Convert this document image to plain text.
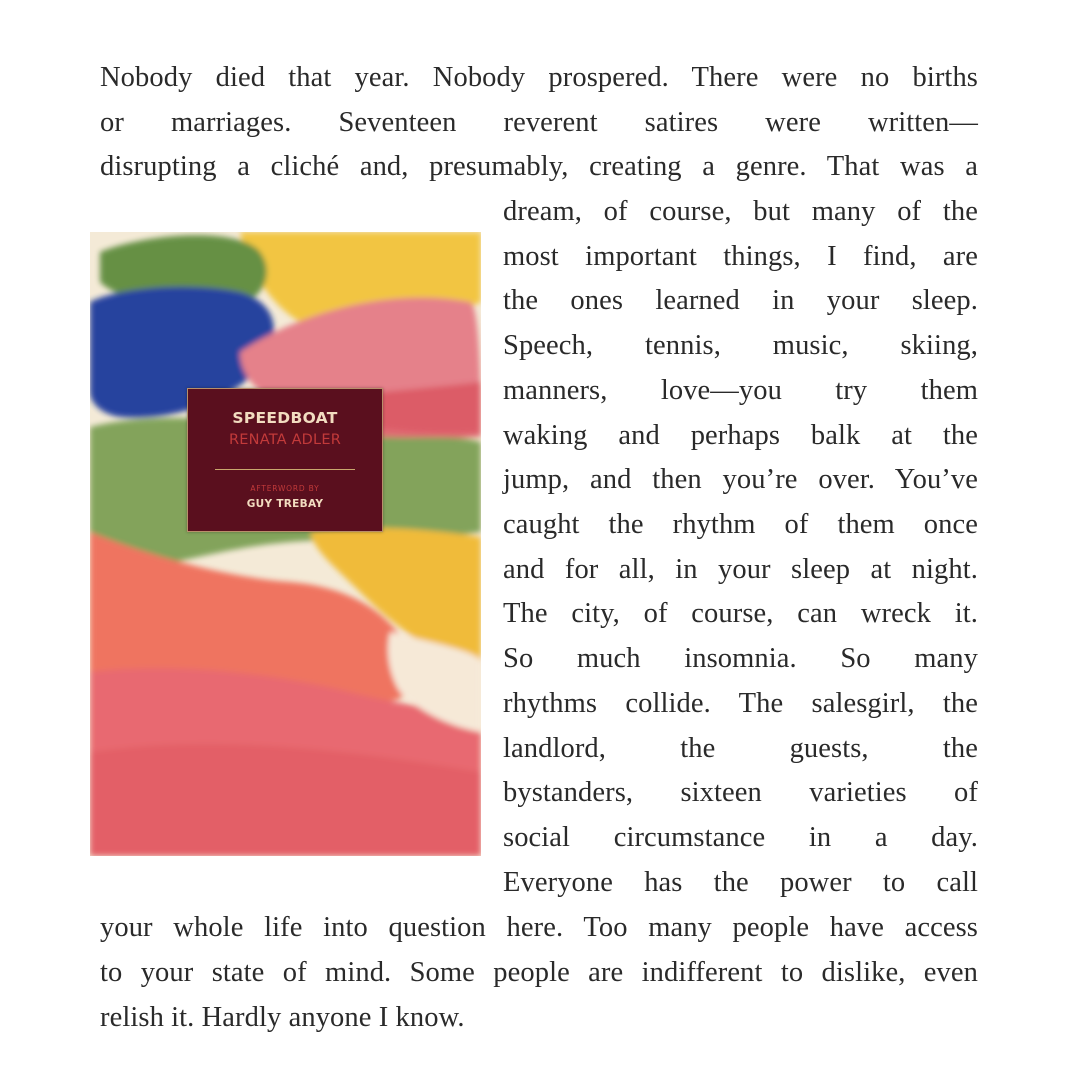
Nobody died that year. Nobody prospered. There were no births
or marriages. Seventeen reverent satires were written—
disrupting a cliché and, presumably, creating a genre. That was a
SPEEDBOAT
RENATA ADLER
AFTERWORD BY
GUY TREBAY
dream, of course, but many of the
most important things, I find, are
the ones learned in your sleep.
Speech, tennis, music, skiing,
manners, love—you try them
waking and perhaps balk at the
jump, and then you’re over. You’ve
caught the rhythm of them once
and for all, in your sleep at night.
The city, of course, can wreck it.
So much insomnia. So many
rhythms collide. The salesgirl, the
landlord, the guests, the
bystanders, sixteen varieties of
social circumstance in a day.
Everyone has the power to call
your whole life into question here. Too many people have access
to your state of mind. Some people are indifferent to dislike, even
relish it. Hardly anyone I know.
